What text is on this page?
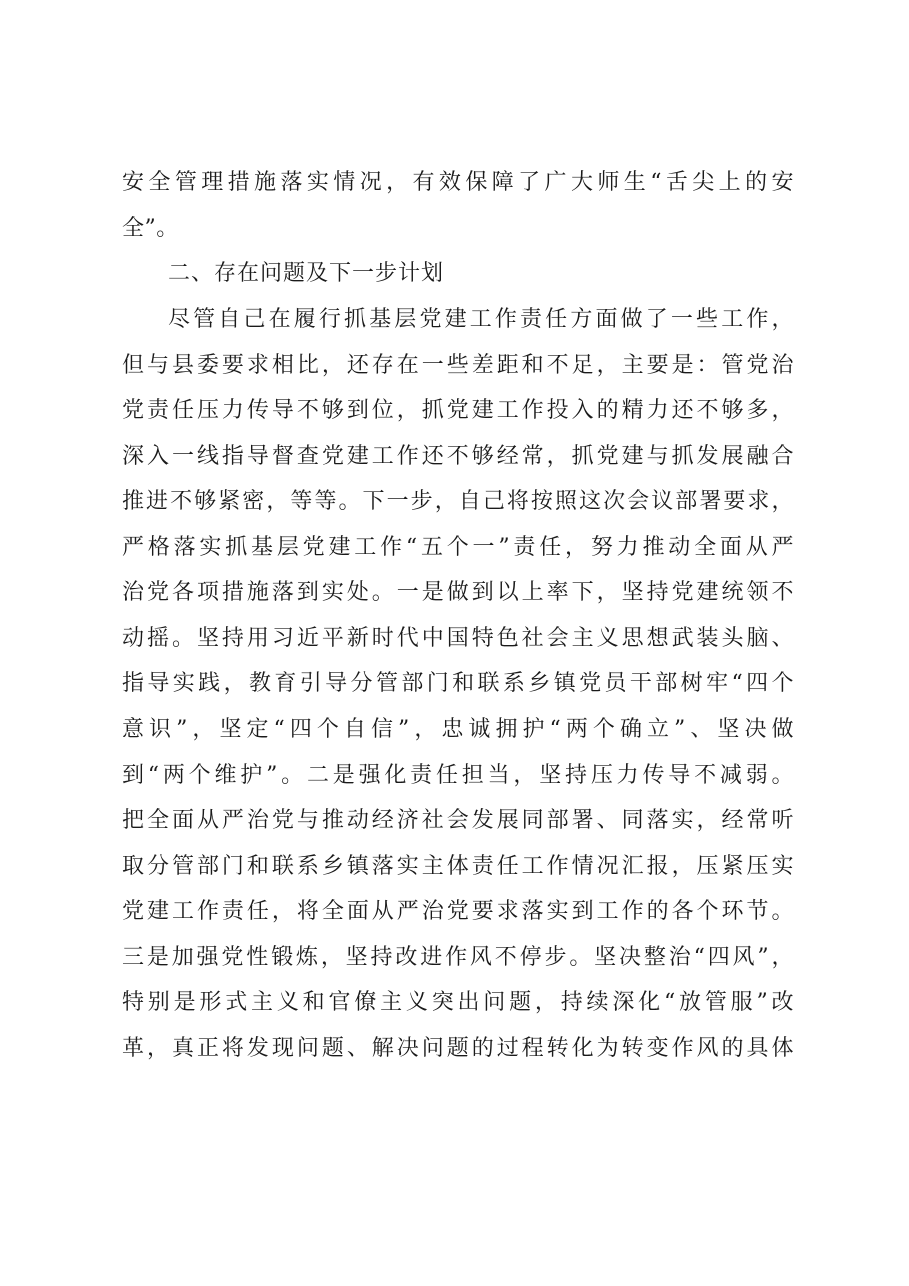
安全管理措施落实情况，有效保障了广大师生“舌尖上的安
全”。
二、存在问题及下一步计划
尽管自己在履行抓基层党建工作责任方面做了一些工作，
但与县委要求相比，还存在一些差距和不足，主要是：管党治
党责任压力传导不够到位，抓党建工作投入的精力还不够多，
深入一线指导督查党建工作还不够经常，抓党建与抓发展融合
推进不够紧密，等等。下一步，自己将按照这次会议部署要求，
严格落实抓基层党建工作“五个一”责任，努力推动全面从严
治党各项措施落到实处。一是做到以上率下，坚持党建统领不
动摇。坚持用习近平新时代中国特色社会主义思想武装头脑、
指导实践，教育引导分管部门和联系乡镇党员干部树牢“四个
意识”，坚定“四个自信”，忠诚拥护“两个确立”、坚决做
到“两个维护”。二是强化责任担当，坚持压力传导不减弱。
把全面从严治党与推动经济社会发展同部署、同落实，经常听
取分管部门和联系乡镇落实主体责任工作情况汇报，压紧压实
党建工作责任，将全面从严治党要求落实到工作的各个环节。
三是加强党性锻炼，坚持改进作风不停步。坚决整治“四风”，
特别是形式主义和官僚主义突出问题，持续深化“放管服”改
革，真正将发现问题、解决问题的过程转化为转变作风的具体
